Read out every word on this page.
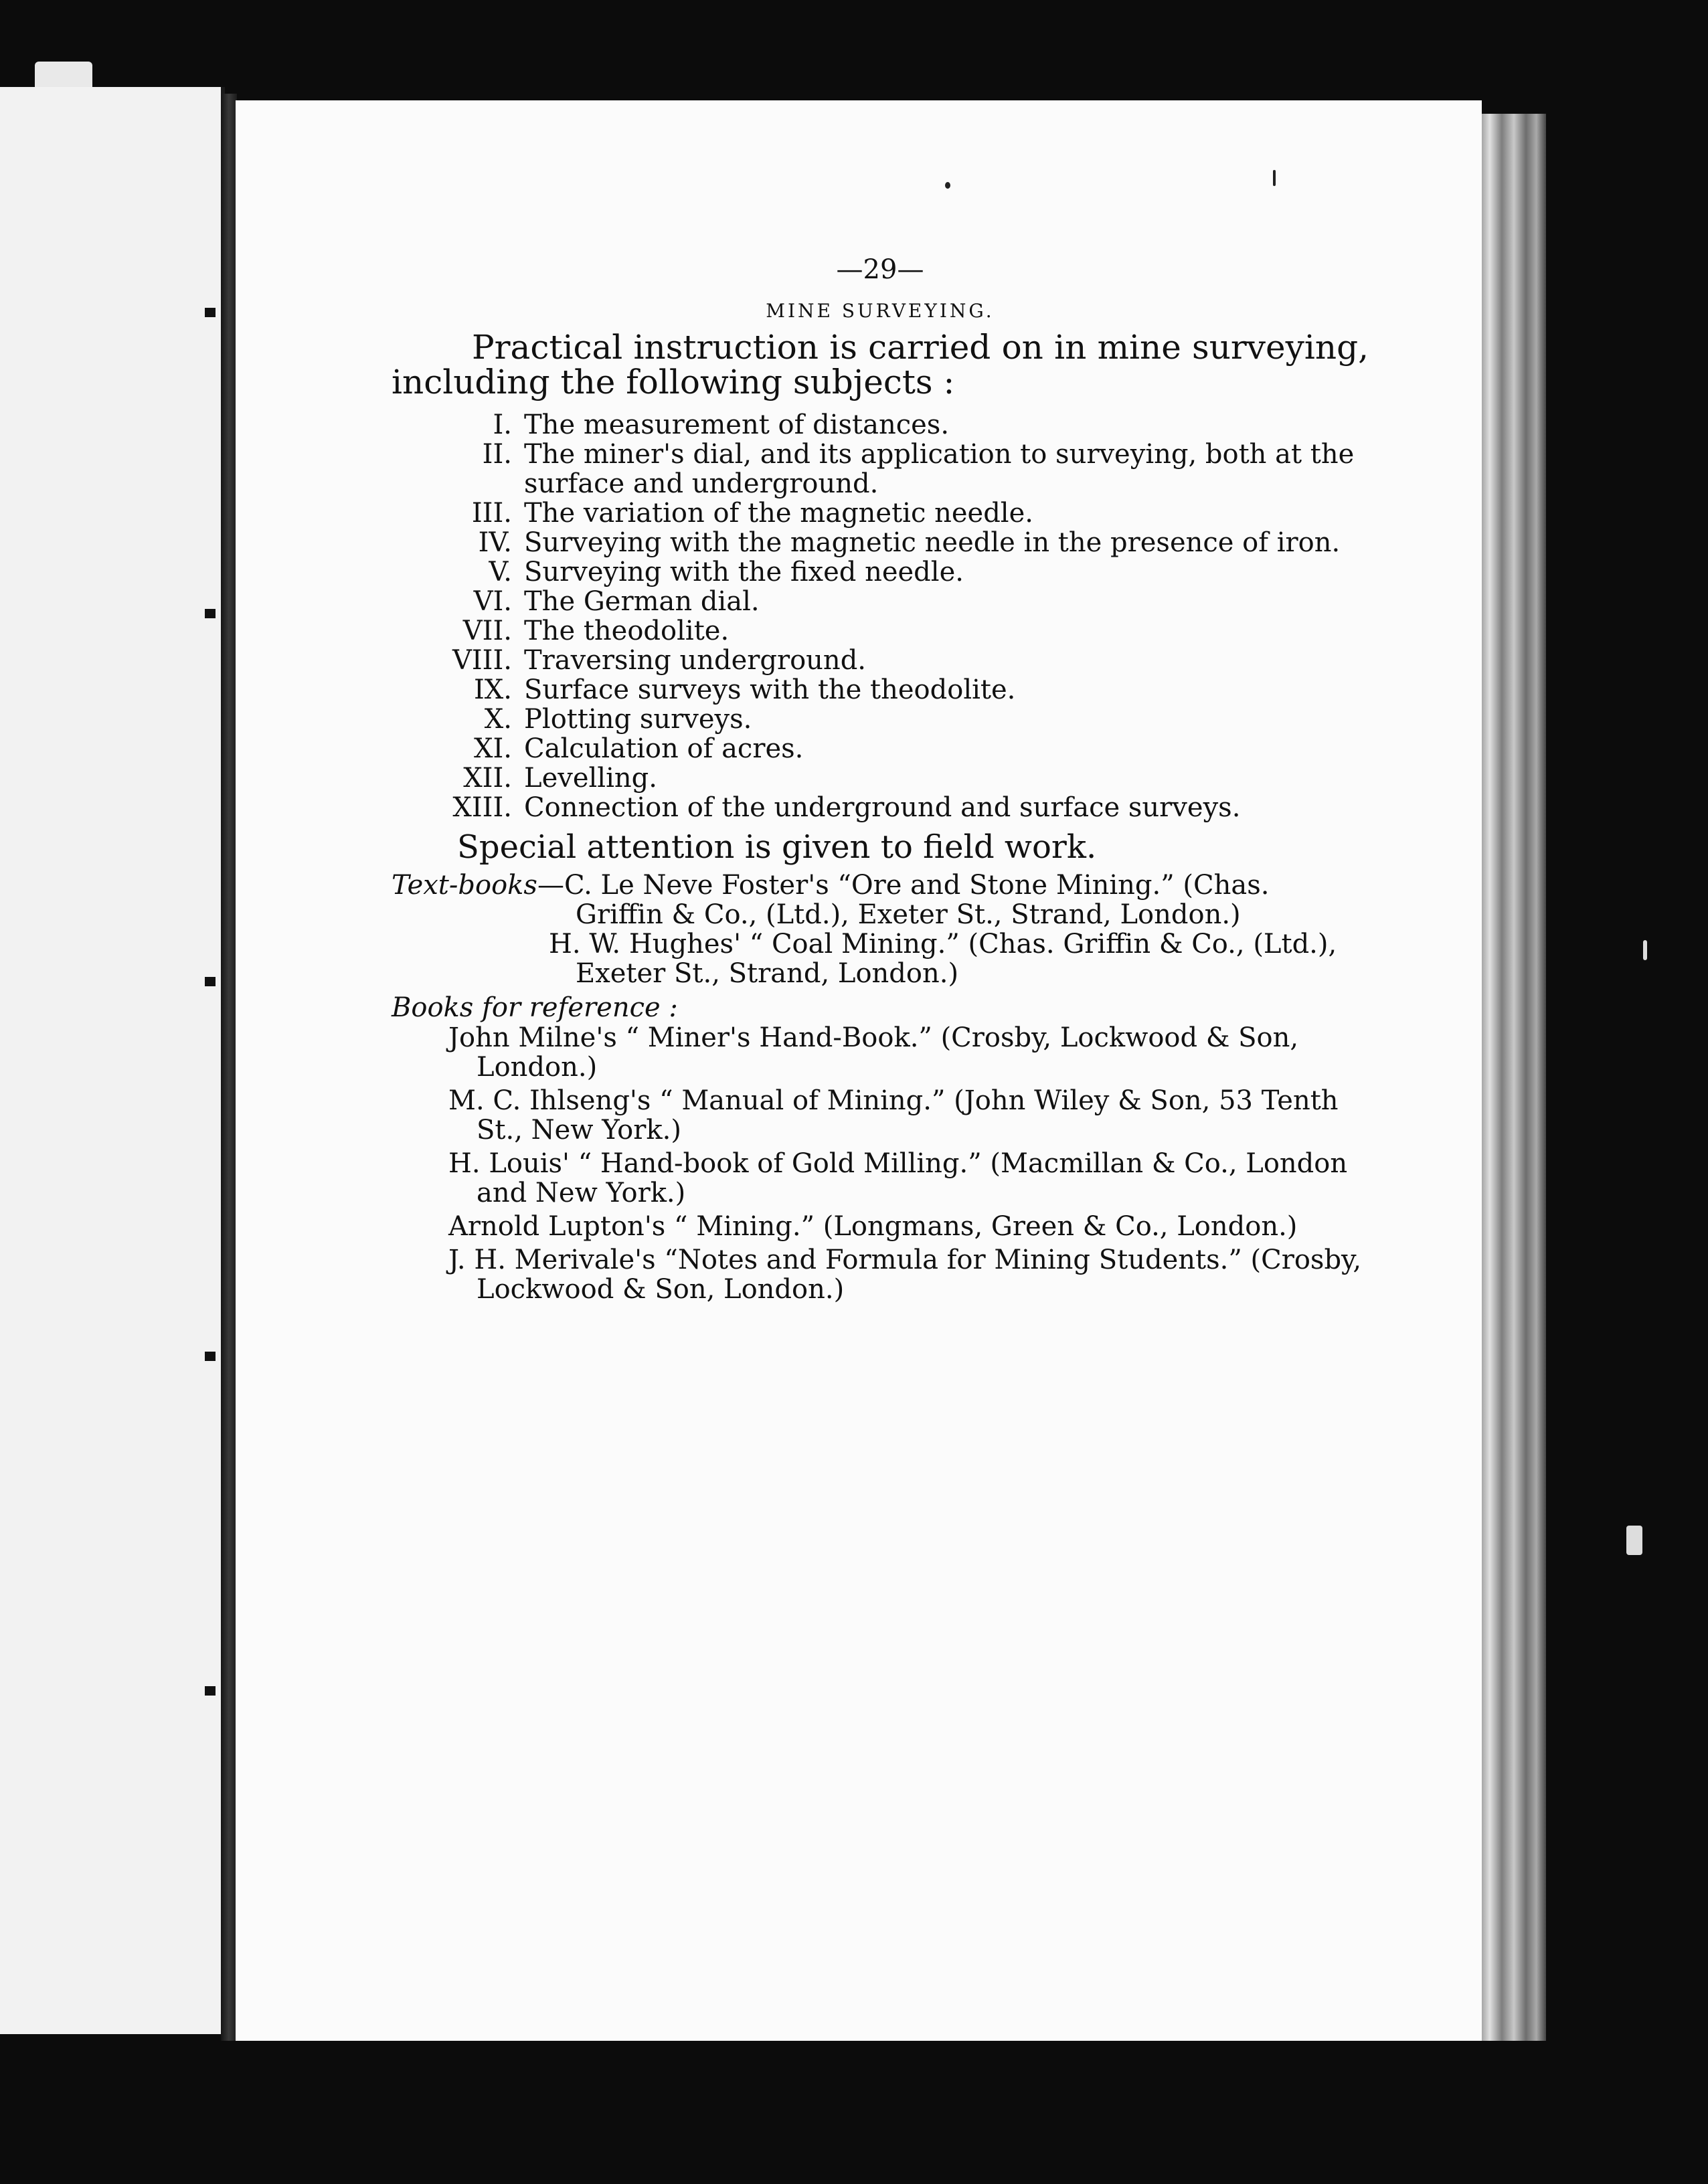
—29—
MINE SURVEYING.

Practical instruction is carried on in mine surveying, including the following subjects :

I. The measurement of distances.
II. The miner's dial, and its application to surveying, both at the surface and underground.
III. The variation of the magnetic needle.
IV. Surveying with the magnetic needle in the presence of iron.
V. Surveying with the fixed needle.
VI. The German dial.
VII. The theodolite.
VIII. Traversing underground.
IX. Surface surveys with the theodolite.
X. Plotting surveys.
XI. Calculation of acres.
XII. Levelling.
XIII. Connection of the underground and surface surveys.
Special attention is given to field work.
Text-books—C. Le Neve Foster's “Ore and Stone Mining.” (Chas.
Griffin & Co., (Ltd.), Exeter St., Strand, London.)
H. W. Hughes' “ Coal Mining.” (Chas. Griffin & Co., (Ltd.),
Exeter St., Strand, London.)
Books for reference :
John Milne's “ Miner's Hand-Book.” (Crosby, Lockwood & Son,
London.)
M. C. Ihlseng's “ Manual of Mining.” (John Wiley & Son, 53 Tenth
St., New York.)
H. Louis' “ Hand-book of Gold Milling.” (Macmillan & Co., London
and New York.)
Arnold Lupton's “ Mining.” (Longmans, Green & Co., London.)
J. H. Merivale's “Notes and Formula for Mining Students.” (Crosby,
Lockwood & Son, London.)
